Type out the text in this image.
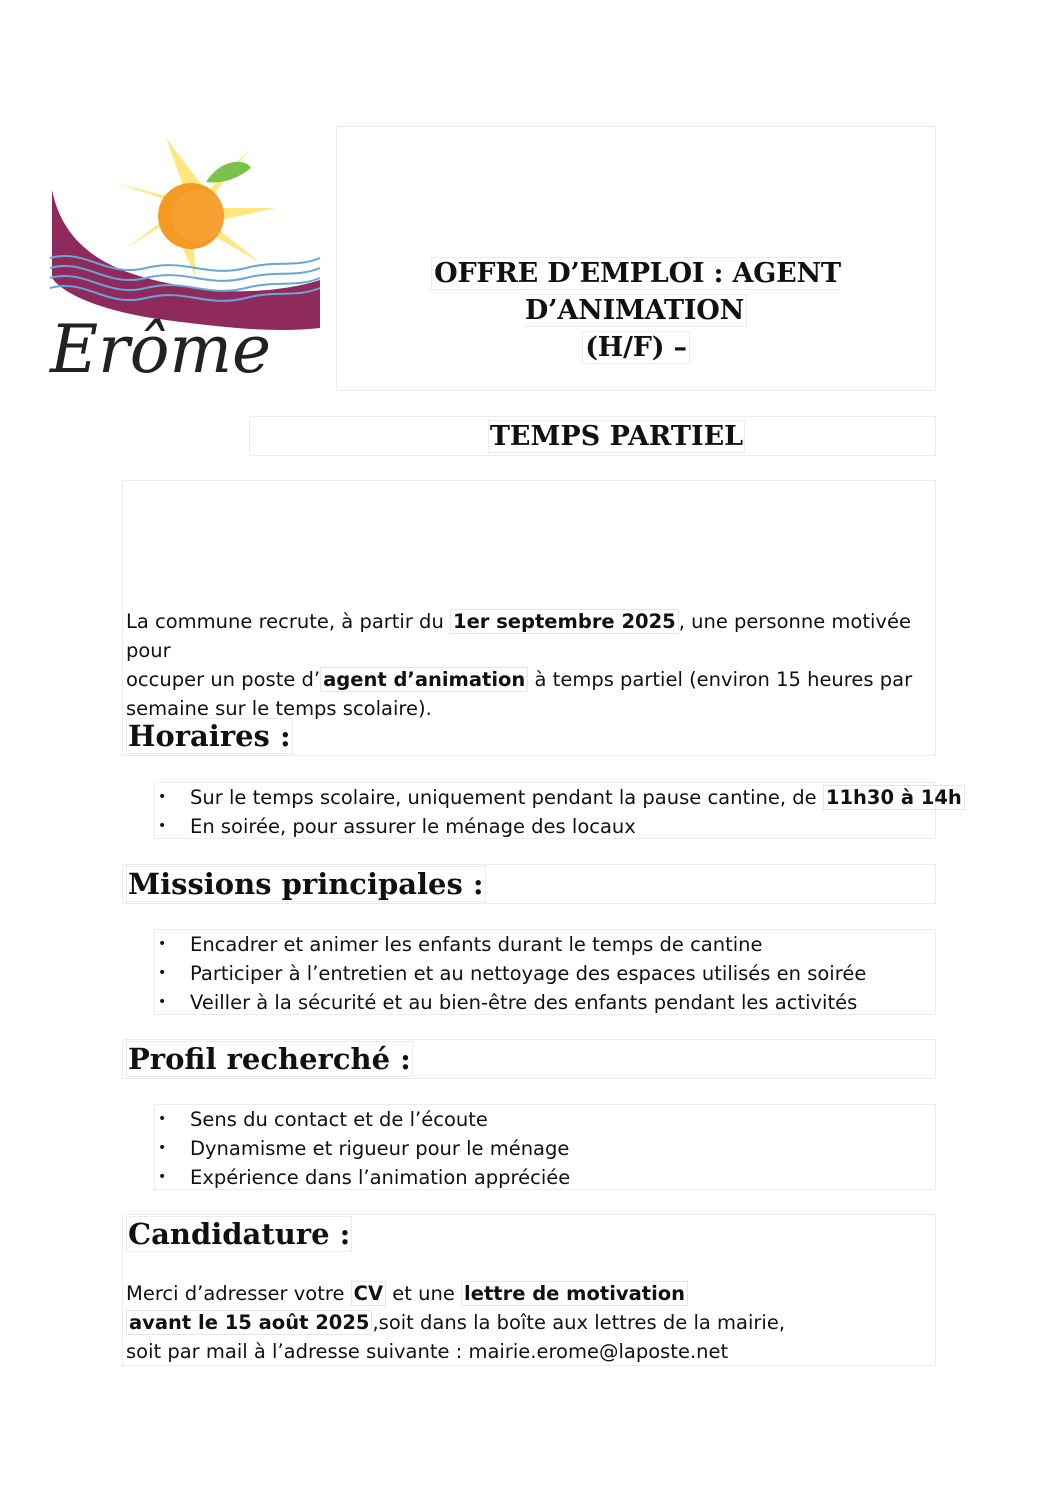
Erôme
OFFRE D’EMPLOI : AGENT D’ANIMATION
(H/F) –
TEMPS PARTIEL
La commune recrute, à partir du 1er septembre 2025 , une personne motivée pour
occuper un poste d’ agent d’animation à temps partiel (environ 15 heures par
semaine sur le temps scolaire).
Horaires :
• Sur le temps scolaire, uniquement pendant la pause cantine, de 11h30 à 14h
• En soirée, pour assurer le ménage des locaux
Missions principales :
• Encadrer et animer les enfants durant le temps de cantine
• Participer à l’entretien et au nettoyage des espaces utilisés en soirée
• Veiller à la sécurité et au bien-être des enfants pendant les activités
Profil recherché :
• Sens du contact et de l’écoute
• Dynamisme et rigueur pour le ménage
• Expérience dans l’animation appréciée
Candidature :
Merci d’adresser votre CV et une lettre de motivation
avant le 15 août 2025 ,soit dans la boîte aux lettres de la mairie,
soit par mail à l’adresse suivante : mairie.erome@laposte.net
